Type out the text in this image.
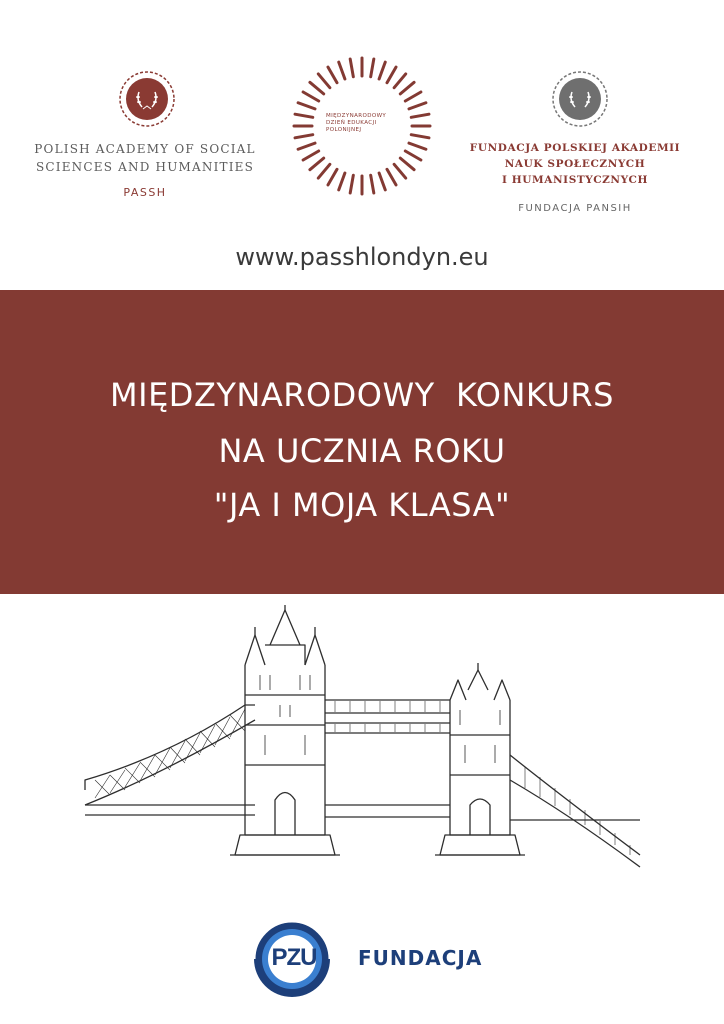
POLISH ACADEMY OF SOCIAL
SCIENCES AND HUMANITIES
PASSH
MIĘDZYNARODOWY
DZIEŃ EDUKACJI
POLONIJNEJ
FUNDACJA POLSKIEJ AKADEMII
NAUK SPOŁECZNYCH
I HUMANISTYCZNYCH
FUNDACJA PANSIH
www.passhlondyn.eu
MIĘDZYNARODOWY  KONKURS
NA UCZNIA ROKU
"JA I MOJA KLASA"
PZU	FUNDACJA
